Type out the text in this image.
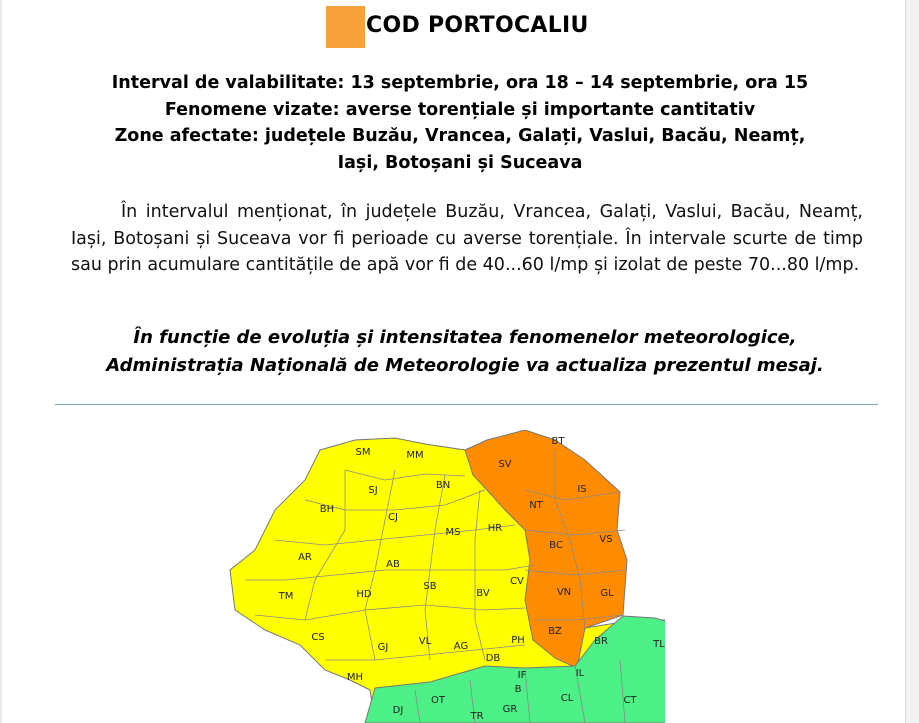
COD PORTOCALIU
Interval de valabilitate: 13 septembrie, ora 18 – 14 septembrie, ora 15
Fenomene vizate: averse torențiale și importante cantitativ
Zone afectate: județele Buzău, Vrancea, Galați, Vaslui, Bacău, Neamț,
Iași, Botoșani și Suceava
În intervalul menționat, în județele Buzău, Vrancea, Galați, Vaslui, Bacău, Neamț, Iași, Botoșani și Suceava vor fi perioade cu averse torențiale. În intervale scurte de timp sau prin acumulare cantitățile de apă vor fi de 40...60 l/mp și izolat de peste 70...80 l/mp.
În funcție de evoluția și intensitatea fenomenelor meteorologice,
Administrația Națională de Meteorologie va actualiza prezentul mesaj.
SM	MM
SV
BT
SJ	BN
BH
CJ
NT
IS
MS	HR
AR
AB
BC
VS
CV
TM	HD
SB
BV	VN	GL
CS
GJ
VL AG
PH
BZ
BR	TL
DB
MH	IF
B
IL
DJ
OT
TR
GR
CL	CT
